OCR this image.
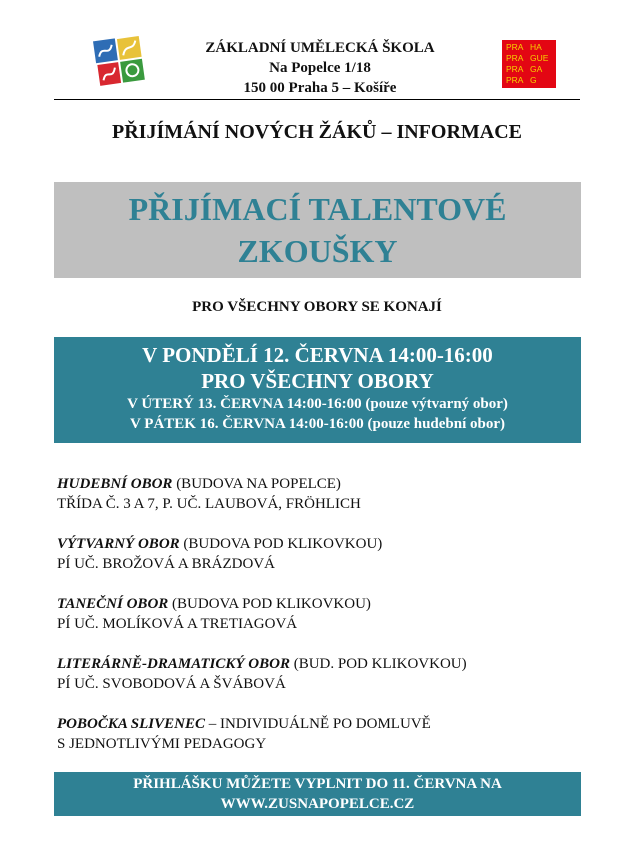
ZÁKLADNÍ UMĚLECKÁ ŠKOLA
Na Popelce 1/18
150 00 Praha 5 – Košíře
PRA HA
PRA GUE
PRA GA
PRA G
PŘIJÍMÁNÍ NOVÝCH ŽÁKŮ – INFORMACE
PŘIJÍMACÍ TALENTOVÉ
ZKOUŠKY
PRO VŠECHNY OBORY SE KONAJÍ
V PONDĚLÍ 12. ČERVNA 14:00-16:00
PRO VŠECHNY OBORY
V ÚTERÝ 13. ČERVNA 14:00-16:00 (pouze výtvarný obor)
V PÁTEK 16. ČERVNA 14:00-16:00 (pouze hudební obor)
HUDEBNÍ OBOR (BUDOVA NA POPELCE)
TŘÍDA Č. 3 A 7, P. UČ. LAUBOVÁ, FRÖHLICH
VÝTVARNÝ OBOR (BUDOVA POD KLIKOVKOU)
PÍ UČ. BROŽOVÁ A BRÁZDOVÁ
TANEČNÍ OBOR (BUDOVA POD KLIKOVKOU)
PÍ UČ. MOLÍKOVÁ A TRETIAGOVÁ
LITERÁRNĚ-DRAMATICKÝ OBOR (BUD. POD KLIKOVKOU)
PÍ UČ. SVOBODOVÁ A ŠVÁBOVÁ
POBOČKA SLIVENEC – INDIVIDUÁLNĚ PO DOMLUVĚ
S JEDNOTLIVÝMI PEDAGOGY
PŘIHLÁŠKU MŮŽETE VYPLNIT DO 11. ČERVNA NA
WWW.ZUSNAPOPELCE.CZ
